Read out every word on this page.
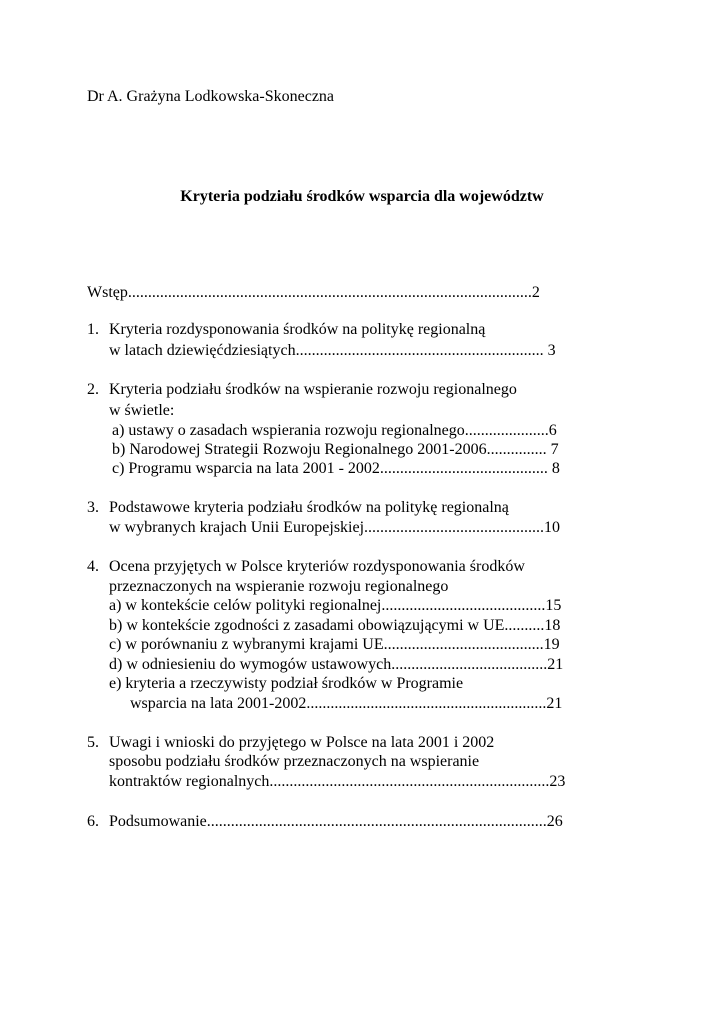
Dr A. Grażyna Lodkowska-Skoneczna
Kryteria podziału środków wsparcia dla województw
Wstęp.....................................................................................................2
1. Kryteria rozdysponowania środków na politykę regionalną
w latach dziewięćdziesiątych.............................................................. 3
2. Kryteria podziału środków na wspieranie rozwoju regionalnego
w świetle:
a) ustawy o zasadach wspierania rozwoju regionalnego.....................6
b) Narodowej Strategii Rozwoju Regionalnego 2001-2006............... 7
c) Programu wsparcia na lata 2001 - 2002.......................................... 8
3. Podstawowe kryteria podziału środków na politykę regionalną
w wybranych krajach Unii Europejskiej.............................................10
4. Ocena przyjętych w Polsce kryteriów rozdysponowania środków
przeznaczonych na wspieranie rozwoju regionalnego
a) w kontekście celów polityki regionalnej.........................................15
b) w kontekście zgodności z zasadami obowiązującymi w UE..........18
c) w porównaniu z wybranymi krajami UE........................................19
d) w odniesieniu do wymogów ustawowych.......................................21
e) kryteria a rzeczywisty podział środków w Programie
wsparcia na lata 2001-2002............................................................21
5. Uwagi i wnioski do przyjętego w Polsce na lata 2001 i 2002
sposobu podziału środków przeznaczonych na wspieranie
kontraktów regionalnych......................................................................23
6. Podsumowanie.....................................................................................26
